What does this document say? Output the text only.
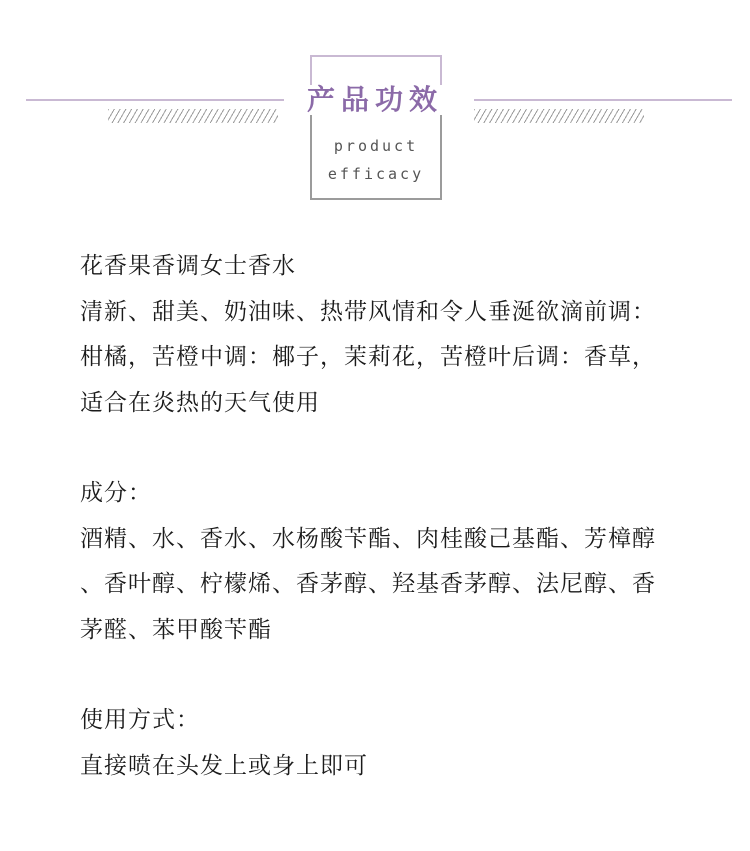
产品功效
product
efficacy

花香果香调女士香水

清新、甜美、奶油味、热带风情和令人垂涎欲滴前调：

柑橘，苦橙中调：椰子，茉莉花，苦橙叶后调：香草，

适合在炎热的天气使用

成分：

酒精、水、香水、水杨酸苄酯、肉桂酸己基酯、芳樟醇

、香叶醇、柠檬烯、香茅醇、羟基香茅醇、法尼醇、香

茅醛、苯甲酸苄酯

使用方式：

直接喷在头发上或身上即可
